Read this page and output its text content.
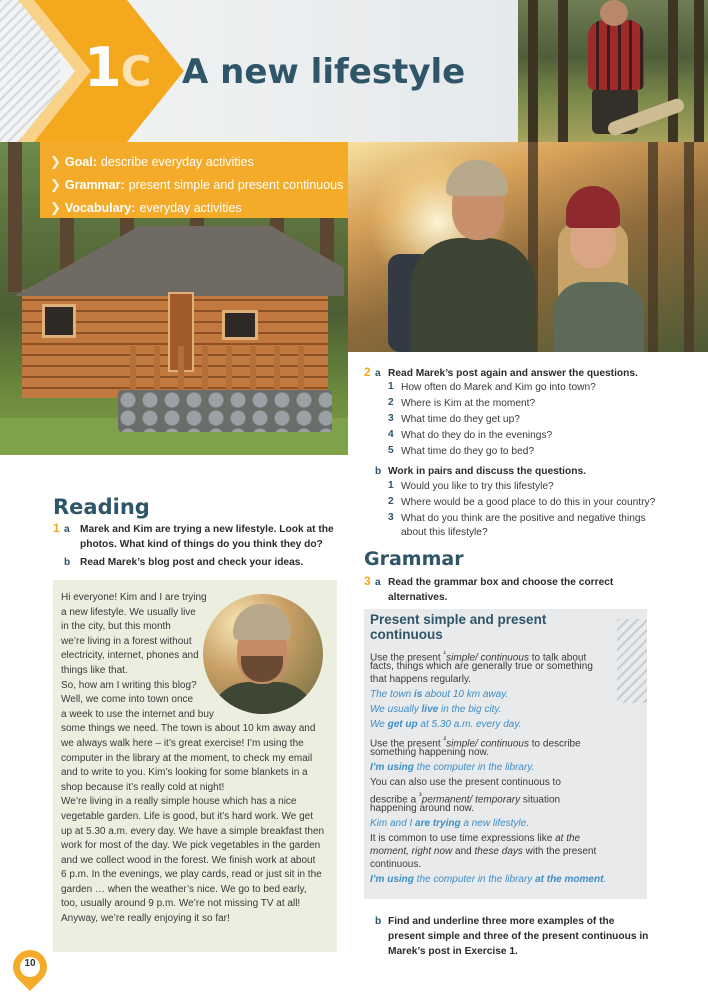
1C A new lifestyle
❯ Goal: describe everyday activities
❯ Grammar: present simple and present continuous
❯ Vocabulary: everyday activities
Reading
1 a Marek and Kim are trying a new lifestyle. Look at the
photos. What kind of things do you think they do?
b Read Marek’s blog post and check your ideas.
Hi everyone! Kim and I are trying
a new lifestyle. We usually live
in the city, but this month
we’re living in a forest without
electricity, internet, phones and
things like that.
So, how am I writing this blog?
Well, we come into town once
a week to use the internet and buy
some things we need. The town is about 10 km away and
we always walk here – it’s great exercise! I’m using the
computer in the library at the moment, to check my email
and to write to you. Kim’s looking for some blankets in a
shop because it’s really cold at night!
We’re living in a really simple house which has a nice
vegetable garden. Life is good, but it’s hard work. We get
up at 5.30 a.m. every day. We have a simple breakfast then
work for most of the day. We pick vegetables in the garden
and we collect wood in the forest. We finish work at about
6 p.m. In the evenings, we play cards, read or just sit in the
garden … when the weather’s nice. We go to bed early,
too, usually around 9 p.m. We’re not missing TV at all!
Anyway, we’re really enjoying it so far!
2 a Read Marek’s post again and answer the questions.
1 How often do Marek and Kim go into town?
2 Where is Kim at the moment?
3 What time do they get up?
4 What do they do in the evenings?
5 What time do they go to bed?
b Work in pairs and discuss the questions.
1 Would you like to try this lifestyle?
2 Where would be a good place to do this in your country?
3 What do you think are the positive and negative things
about this lifestyle?
Grammar
3 a Read the grammar box and choose the correct
alternatives.
Present simple and present
continuous
Use the present $^{^1}$simple/ continuous to talk about
facts, things which are generally true or something
that happens regularly.
The town is about 10 km away.
We usually live in the big city.
We get up at 5.30 a.m. every day.
Use the present $^{^2}$simple/ continuous to describe
something happening now.
I’m using the computer in the library.
You can also use the present continuous to
describe a $^{^3}$permanent/ temporary situation
happening around now.
Kim and I are trying a new lifestyle.
It is common to use time expressions like at the
moment, right now and these days with the present
continuous.
I’m using the computer in the library at the moment.
b Find and underline three more examples of the
present simple and three of the present continuous in
Marek’s post in Exercise 1.
10
